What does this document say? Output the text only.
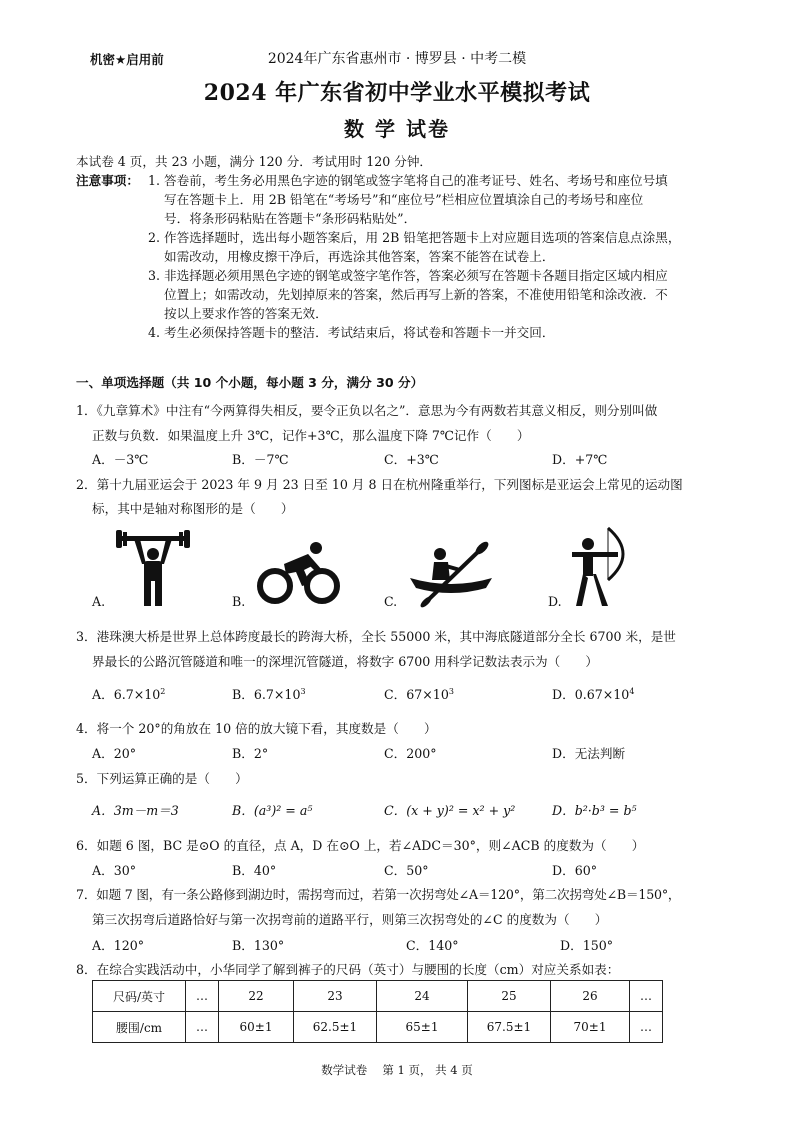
机密★启用前	2024年广东省惠州市 · 博罗县 · 中考二模
2024 年广东省初中学业水平模拟考试
数 学 试卷
本试卷 4 页，共 23 小题，满分 120 分．考试用时 120 分钟．
注意事项： 1. 答卷前，考生务必用黑色字迹的钢笔或签字笔将自己的准考证号、姓名、考场号和座位号填
写在答题卡上．用 2B 铅笔在“考场号”和“座位号”栏相应位置填涂自己的考场号和座位
号．将条形码粘贴在答题卡“条形码粘贴处”．
2. 作答选择题时，选出每小题答案后，用 2B 铅笔把答题卡上对应题目选项的答案信息点涂黑，
如需改动，用橡皮擦干净后，再选涂其他答案，答案不能答在试卷上．
3. 非选择题必须用黑色字迹的钢笔或签字笔作答，答案必须写在答题卡各题目指定区域内相应
位置上；如需改动，先划掉原来的答案，然后再写上新的答案，不准使用铅笔和涂改液．不
按以上要求作答的答案无效．
4. 考生必须保持答题卡的整洁．考试结束后，将试卷和答题卡一并交回．
一、单项选择题（共 10 个小题，每小题 3 分，满分 30 分）
1．《九章算术》中注有“今两算得失相反，要令正负以名之”．意思为今有两数若其意义相反，则分别叫做
正数与负数．如果温度上升 3℃，记作+3℃，那么温度下降 7℃记作（　　）
A．－3℃	B．－7℃	C．+3℃	D．+7℃
2．第十九届亚运会于 2023 年 9 月 23 日至 10 月 8 日在杭州隆重举行，下列图标是亚运会上常见的运动图
标，其中是轴对称图形的是（　　）
A.	B.	C.	D.
3．港珠澳大桥是世界上总体跨度最长的跨海大桥，全长 55000 米，其中海底隧道部分全长 6700 米，是世
界最长的公路沉管隧道和唯一的深埋沉管隧道，将数字 6700 用科学记数法表示为（　　）
A．$6.7\times 10^2$	B．$6.7\times 10^3$	C．$67\times 10^3$	D．$0.67\times 10^4$
4．将一个 20°的角放在 10 倍的放大镜下看，其度数是（　　）
A．20°	B．2°	C．200°	D．无法判断
5．下列运算正确的是（　　）
A．3m－m＝3	B．(a³)² = a⁵	C．(x + y)² = x² + y²	D．b²·b³ = b⁵
6．如题 6 图，BC 是⊙O 的直径，点 A，D 在⊙O 上，若∠ADC＝30°，则∠ACB 的度数为（　　）
A．30°	B．40°	C．50°	D．60°
7．如题 7 图，有一条公路修到湖边时，需拐弯而过，若第一次拐弯处∠A＝120°，第二次拐弯处∠B＝150°，
第三次拐弯后道路恰好与第一次拐弯前的道路平行，则第三次拐弯处的∠C 的度数为（　　）
A．120°	B．130°	C．140°	D．150°
8．在综合实践活动中，小华同学了解到裤子的尺码（英寸）与腰围的长度（cm）对应关系如表：
尺码/英寸	…	22	23	24	25	26	…
腰围/cm	…	60±1	62.5±1	65±1	67.5±1	70±1	…
数学试卷　 第 1 页， 共 4 页
